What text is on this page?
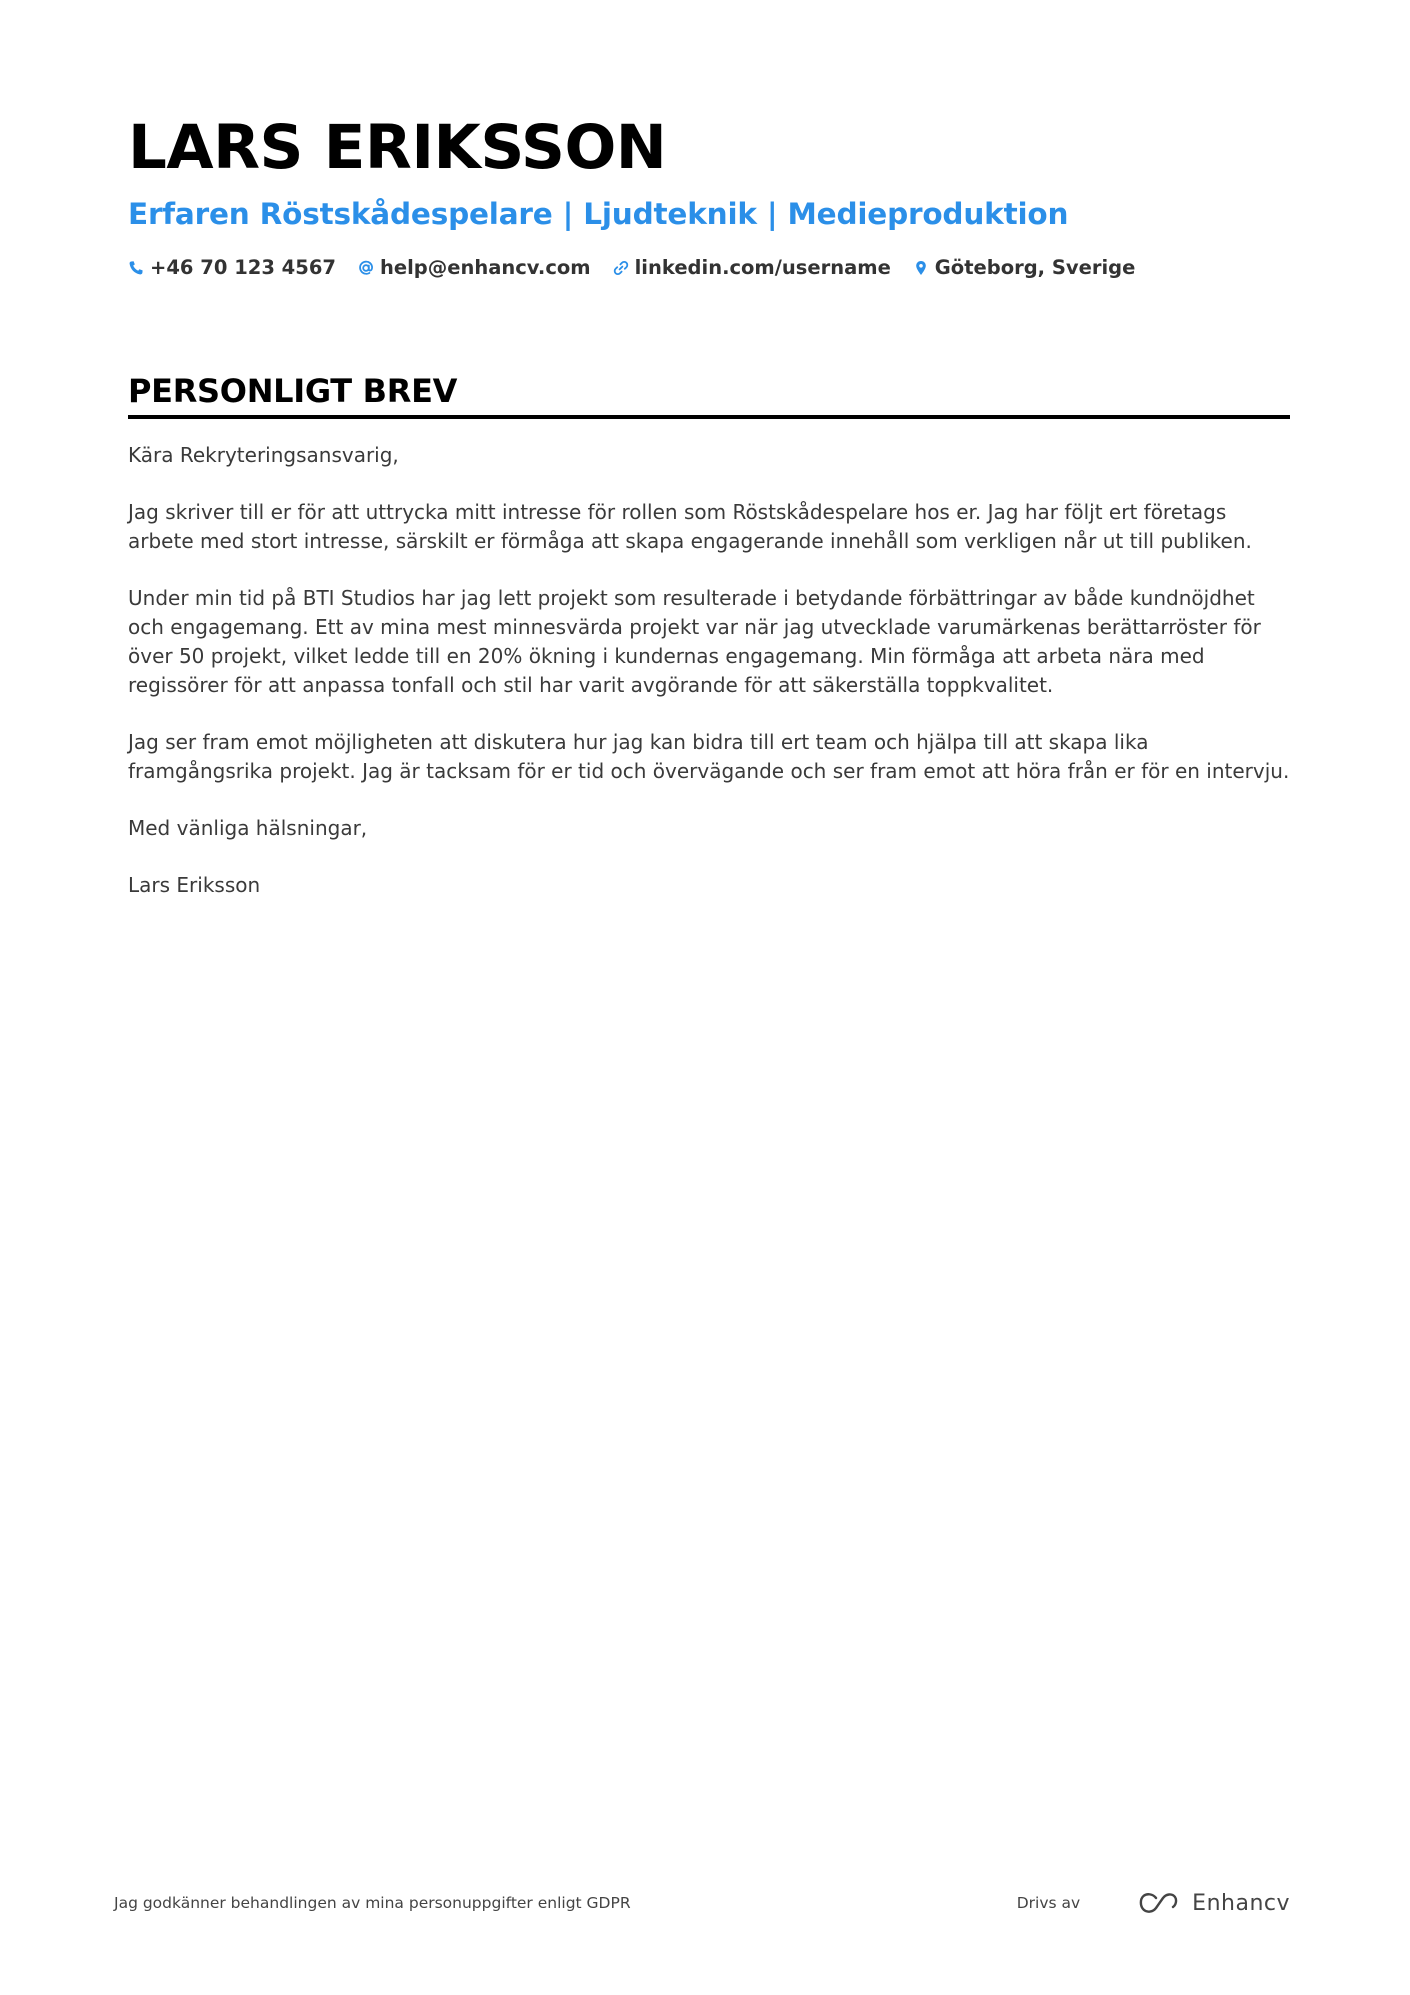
LARS ERIKSSON
Erfaren Röstskådespelare | Ljudteknik | Medieproduktion
+46 70 123 4567 help@enhancv.com linkedin.com/username Göteborg, Sverige
PERSONLIGT BREV

Kära Rekryteringsansvarig,

Jag skriver till er för att uttrycka mitt intresse för rollen som Röstskådespelare hos er. Jag har följt ert företags arbete med stort intresse, särskilt er förmåga att skapa engagerande innehåll som verkligen når ut till publiken.

Under min tid på BTI Studios har jag lett projekt som resulterade i betydande förbättringar av både kundnöjdhet och engagemang. Ett av mina mest minnesvärda projekt var när jag utvecklade varumärkenas berättarröster för över 50 projekt, vilket ledde till en 20% ökning i kundernas engagemang. Min förmåga att arbeta nära med regissörer för att anpassa tonfall och stil har varit avgörande för att säkerställa toppkvalitet.

Jag ser fram emot möjligheten att diskutera hur jag kan bidra till ert team och hjälpa till att skapa lika framgångsrika projekt. Jag är tacksam för er tid och övervägande och ser fram emot att höra från er för en intervju.

Med vänliga hälsningar,

Lars Eriksson

Jag godkänner behandlingen av mina personuppgifter enligt GDPR	Drivs av	Enhancv
